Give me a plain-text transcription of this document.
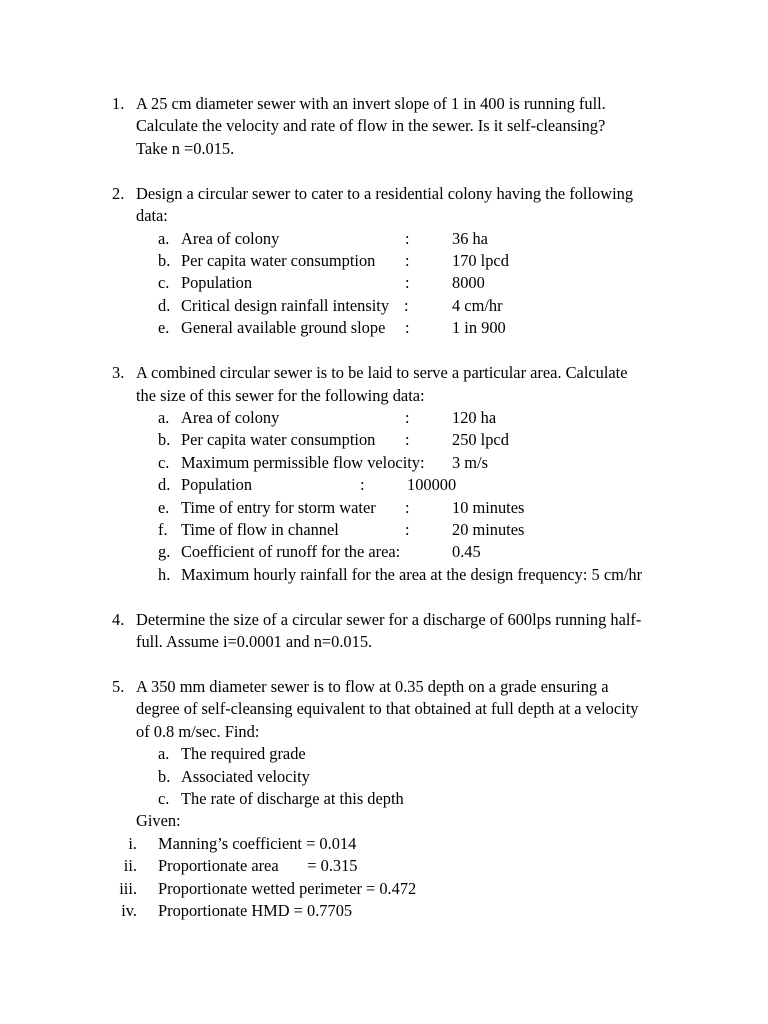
1. A 25 cm diameter sewer with an invert slope of 1 in 400 is running full.
Calculate the velocity and rate of flow in the sewer. Is it self-cleansing?
Take n =0.015.
2. Design a circular sewer to cater to a residential colony having the following
data:
a. Area of colony	:	36 ha
b. Per capita water consumption :	170 lpcd
c. Population	:	8000
d. Critical design rainfall intensity :	4 cm/hr
e. General available ground slope :	1 in 900
3. A combined circular sewer is to be laid to serve a particular area. Calculate
the size of this sewer for the following data:
a. Area of colony	:	120 ha
b. Per capita water consumption :	250 lpcd
c. Maximum permissible flow velocity: 3 m/s
d. Population	:	100000
e. Time of entry for storm water :	10 minutes
f. Time of flow in channel	:	20 minutes
g. Coefficient of runoff for the area:	0.45
h. Maximum hourly rainfall for the area at the design frequency: 5 cm/hr
4. Determine the size of a circular sewer for a discharge of 600lps running half-
full. Assume i=0.0001 and n=0.015.
5. A 350 mm diameter sewer is to flow at 0.35 depth on a grade ensuring a
degree of self-cleansing equivalent to that obtained at full depth at a velocity
of 0.8 m/sec. Find:
a. The required grade
b. Associated velocity
c. The rate of discharge at this depth
Given:
i. Manning’s coefficient = 0.014
ii. Proportionate area       = 0.315
iii. Proportionate wetted perimeter = 0.472
iv. Proportionate HMD = 0.7705
